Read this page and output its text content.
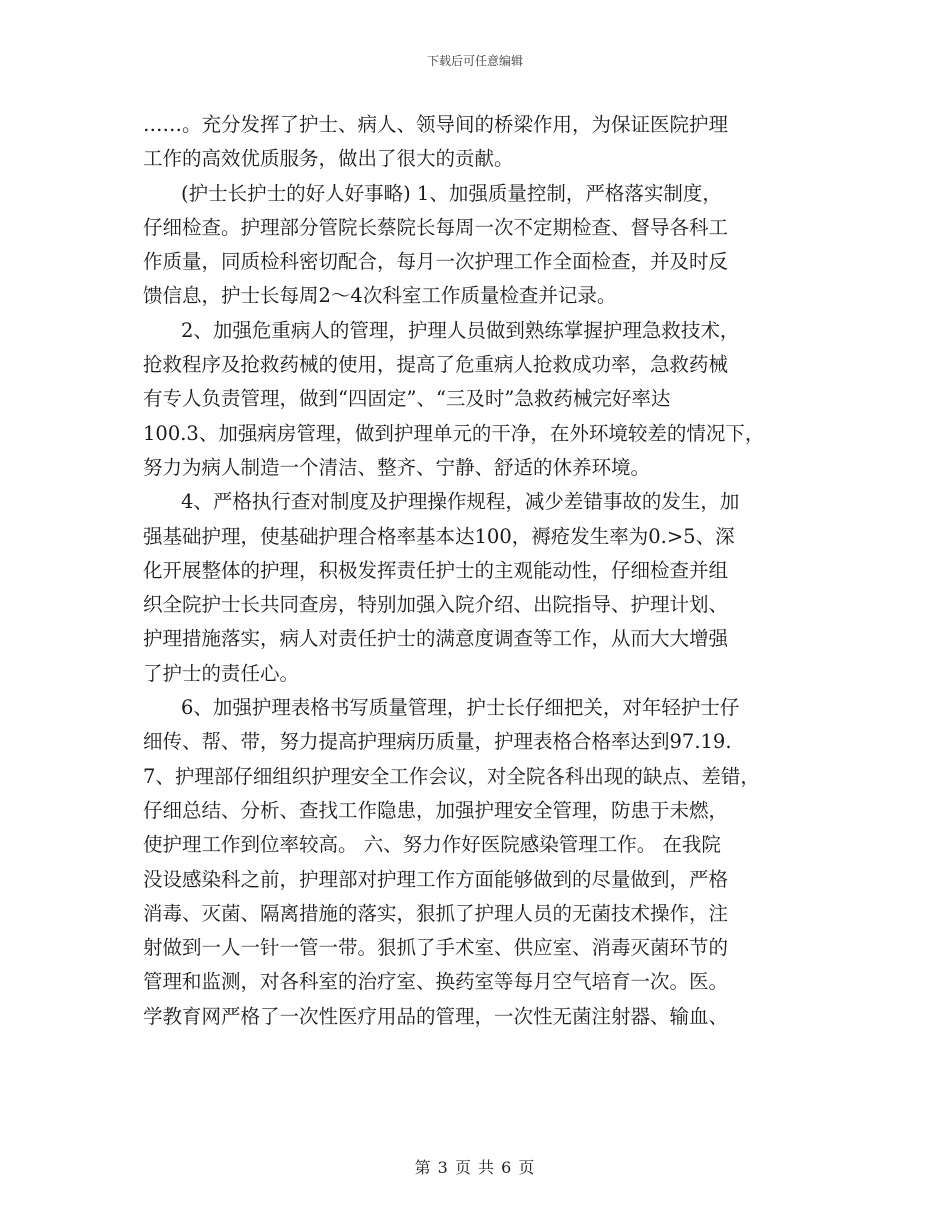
下载后可任意编辑
……。充分发挥了护士、病人、领导间的桥梁作用，为保证医院护理
工作的高效优质服务，做出了很大的贡献。
(护士长护士的好人好事略) 1、加强质量控制，严格落实制度，
仔细检查。护理部分管院长蔡院长每周一次不定期检查、督导各科工
作质量，同质检科密切配合，每月一次护理工作全面检查，并及时反
馈信息，护士长每周2～4次科室工作质量检查并记录。
2、加强危重病人的管理，护理人员做到熟练掌握护理急救技术，
抢救程序及抢救药械的使用，提高了危重病人抢救成功率，急救药械
有专人负责管理，做到“四固定”、“三及时”急救药械完好率达
100.3、加强病房管理，做到护理单元的干净，在外环境较差的情况下，
努力为病人制造一个清洁、整齐、宁静、舒适的休养环境。
4、严格执行查对制度及护理操作规程，减少差错事故的发生，加
强基础护理，使基础护理合格率基本达100，褥疮发生率为0.>5、深
化开展整体的护理，积极发挥责任护士的主观能动性，仔细检查并组
织全院护士长共同查房，特别加强入院介绍、出院指导、护理计划、
护理措施落实，病人对责任护士的满意度调查等工作，从而大大增强
了护士的责任心。
6、加强护理表格书写质量管理，护士长仔细把关，对年轻护士仔
细传、帮、带，努力提高护理病历质量，护理表格合格率达到97.19.
7、护理部仔细组织护理安全工作会议，对全院各科出现的缺点、差错，
仔细总结、分析、查找工作隐患，加强护理安全管理，防患于未燃，
使护理工作到位率较高。 六、努力作好医院感染管理工作。 在我院
没设感染科之前，护理部对护理工作方面能够做到的尽量做到，严格
消毒、灭菌、隔离措施的落实，狠抓了护理人员的无菌技术操作，注
射做到一人一针一管一带。狠抓了手术室、供应室、消毒灭菌环节的
管理和监测，对各科室的治疗室、换药室等每月空气培育一次。医。
学教育网严格了一次性医疗用品的管理，一次性无菌注射器、输血、
第 3 页 共 6 页
